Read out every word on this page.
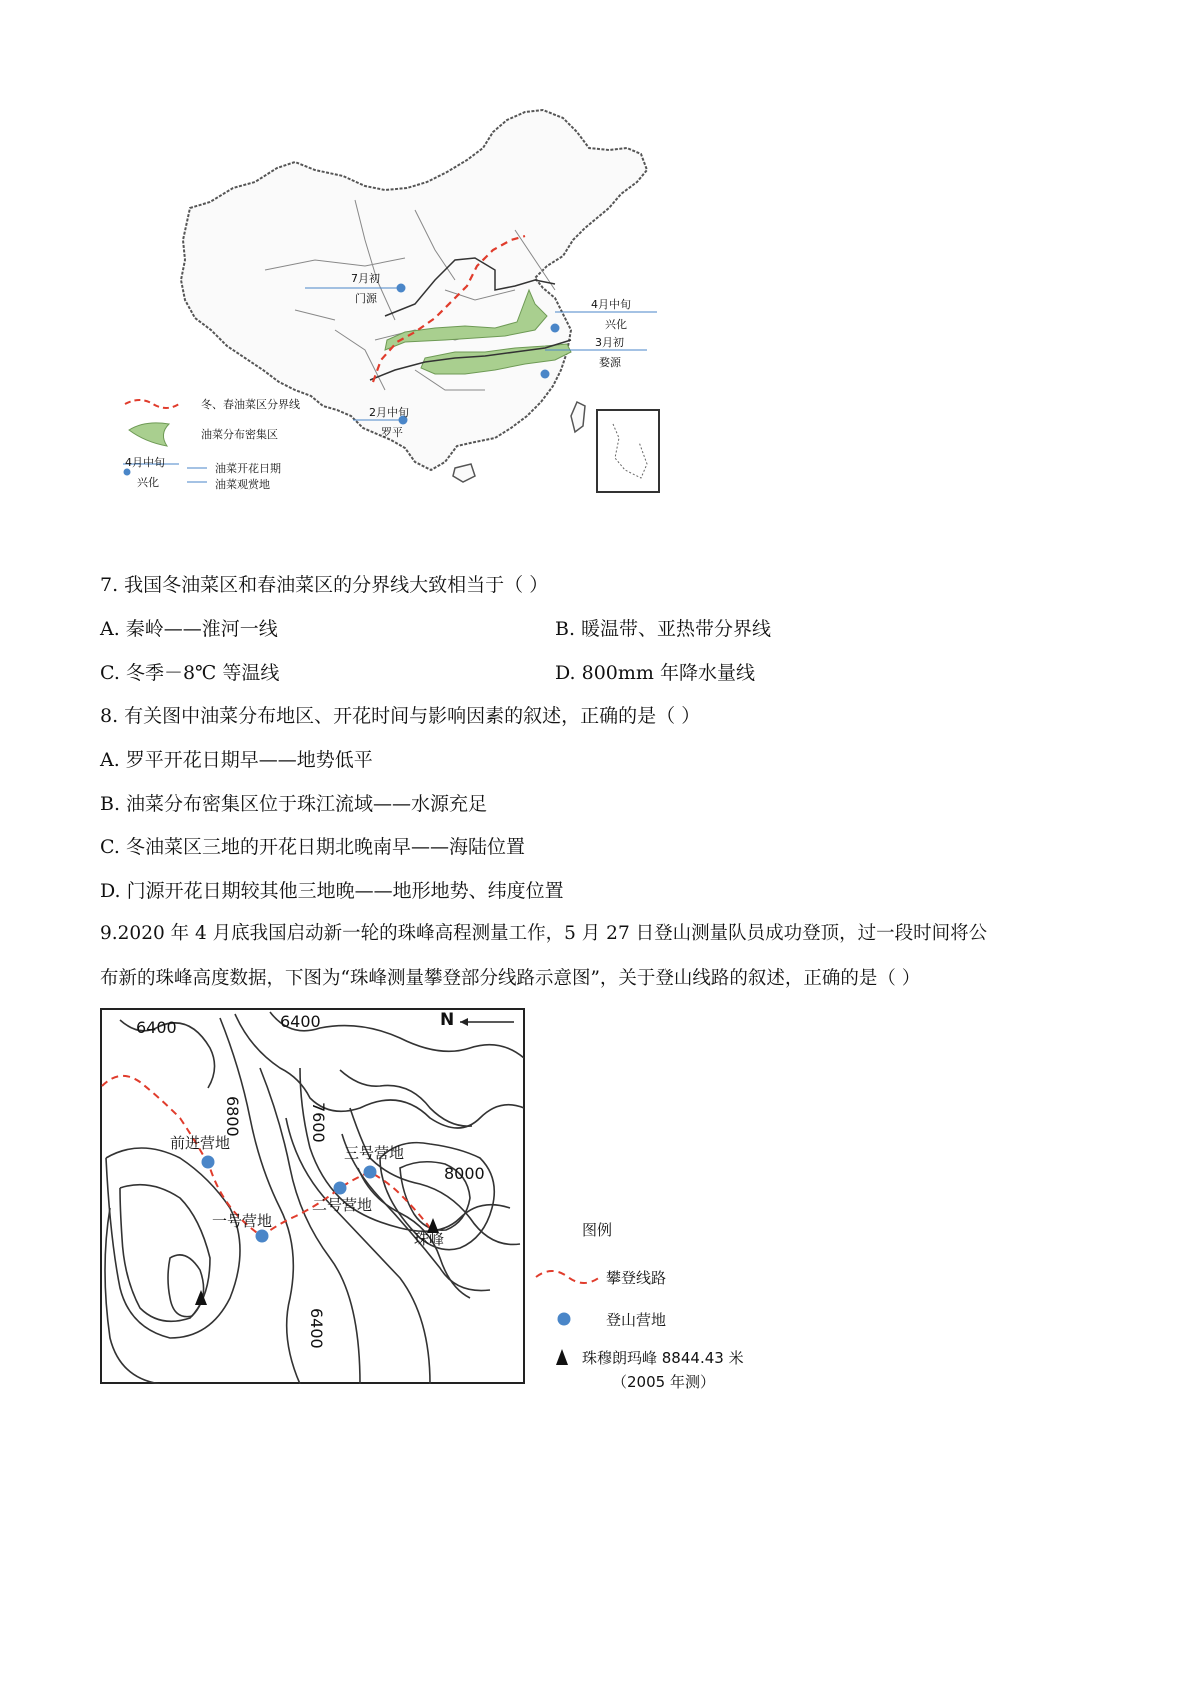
7月初
门源	4月中旬
兴化
3月初
婺源
2月中旬
罗平
冬、春油菜区分界线
油菜分布密集区
4月中旬
兴化
油菜开花日期
油菜观赏地
7. 我国冬油菜区和春油菜区的分界线大致相当于（ ）
A. 秦岭——淮河一线	B. 暖温带、亚热带分界线
C. 冬季－8℃ 等温线	D. 800mm 年降水量线
8. 有关图中油菜分布地区、开花时间与影响因素的叙述，正确的是（ ）
A. 罗平开花日期早——地势低平
B. 油菜分布密集区位于珠江流域——水源充足
C. 冬油菜区三地的开花日期北晚南早——海陆位置
D. 门源开花日期较其他三地晚——地形地势、纬度位置
9.2020 年 4 月底我国启动新一轮的珠峰高程测量工作，5 月 27 日登山测量队员成功登顶，过一段时间将公
布新的珠峰高度数据，下图为“珠峰测量攀登部分线路示意图”，关于登山线路的叙述，正确的是（ ）
6400	6400
6800	7600
8000
6400
N
前进营地
一号营地
二号营地
三号营地
珠峰	图例
攀登线路
登山营地
珠穆朗玛峰 8844.43 米
（2005 年测）
